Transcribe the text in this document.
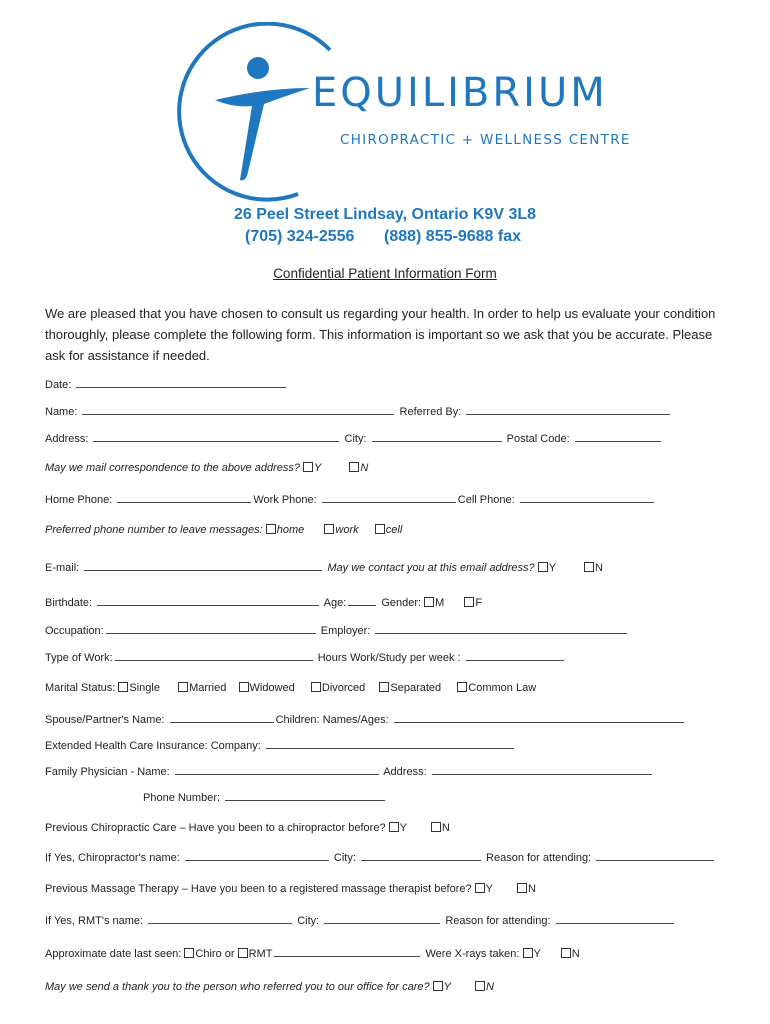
EQUILIBRIUM
CHIROPRACTIC + WELLNESS CENTRE
26 Peel Street Lindsay, Ontario K9V 3L8
(705) 324-2556 (888) 855-9688 fax
Confidential Patient Information Form
We are pleased that you have chosen to consult us regarding your health. In order to help us evaluate your condition thoroughly, please complete the following form. This information is important so we ask that you be accurate. Please ask for assistance if needed.
Date:
Name:	Referred By:
Address:	City:	Postal Code:
May we mail correspondence to the above address? Y	N
Home Phone:	Work Phone:	Cell Phone:
Preferred phone number to leave messages: home	work cell
E-mail:	May we contact you at this email address? Y	N
Birthdate:	Age:	Gender: M	F
Occupation:	Employer:
Type of Work:	Hours Work/Study per week :
Marital Status: Single	Married Widowed Divorced Separated Common Law
Spouse/Partner's Name:	Children: Names/Ages:
Extended Health Care Insurance: Company:
Family Physician - Name:	Address:
Phone Number:
Previous Chiropractic Care – Have you been to a chiropractor before? Y	N
If Yes, Chiropractor's name:	City:	Reason for attending:
Previous Massage Therapy – Have you been to a registered massage therapist before? Y	N
If Yes, RMT's name:	City:	Reason for attending:
Approximate date last seen: Chiro or RMT	Were X-rays taken: Y	N
May we send a thank you to the person who referred you to our office for care? Y	N
